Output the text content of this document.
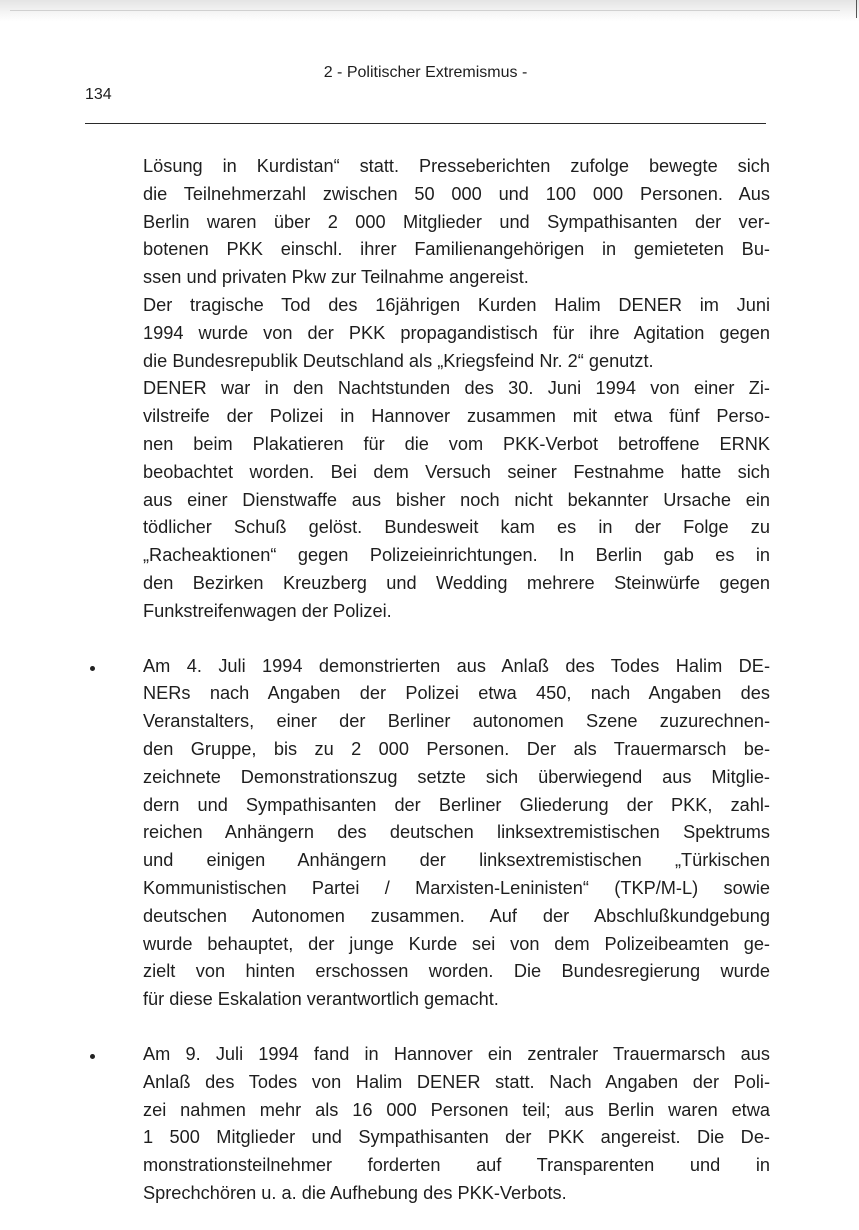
2 - Politischer Extremismus -
134
Lösung in Kurdistan“ statt. Presseberichten zufolge bewegte sich
die Teilnehmerzahl zwischen 50 000 und 100 000 Personen. Aus
Berlin waren über 2 000 Mitglieder und Sympathisanten der ver-
botenen PKK einschl. ihrer Familienangehörigen in gemieteten Bu-
ssen und privaten Pkw zur Teilnahme angereist.
Der tragische Tod des 16jährigen Kurden Halim DENER im Juni
1994 wurde von der PKK propagandistisch für ihre Agitation gegen
die Bundesrepublik Deutschland als „Kriegsfeind Nr. 2“ genutzt.
DENER war in den Nachtstunden des 30. Juni 1994 von einer Zi-
vilstreife der Polizei in Hannover zusammen mit etwa fünf Perso-
nen beim Plakatieren für die vom PKK-Verbot betroffene ERNK
beobachtet worden. Bei dem Versuch seiner Festnahme hatte sich
aus einer Dienstwaffe aus bisher noch nicht bekannter Ursache ein
tödlicher Schuß gelöst. Bundesweit kam es in der Folge zu
„Racheaktionen“ gegen Polizeieinrichtungen. In Berlin gab es in
den Bezirken Kreuzberg und Wedding mehrere Steinwürfe gegen
Funkstreifenwagen der Polizei.
Am 4. Juli 1994 demonstrierten aus Anlaß des Todes Halim DE-
NERs nach Angaben der Polizei etwa 450, nach Angaben des
Veranstalters, einer der Berliner autonomen Szene zuzurechnen-
den Gruppe, bis zu 2 000 Personen. Der als Trauermarsch be-
zeichnete Demonstrationszug setzte sich überwiegend aus Mitglie-
dern und Sympathisanten der Berliner Gliederung der PKK, zahl-
reichen Anhängern des deutschen linksextremistischen Spektrums
und einigen Anhängern der linksextremistischen „Türkischen
Kommunistischen Partei / Marxisten-Leninisten“ (TKP/M-L) sowie
deutschen Autonomen zusammen. Auf der Abschlußkundgebung
wurde behauptet, der junge Kurde sei von dem Polizeibeamten ge-
zielt von hinten erschossen worden. Die Bundesregierung wurde
für diese Eskalation verantwortlich gemacht.
Am 9. Juli 1994 fand in Hannover ein zentraler Trauermarsch aus
Anlaß des Todes von Halim DENER statt. Nach Angaben der Poli-
zei nahmen mehr als 16 000 Personen teil; aus Berlin waren etwa
1 500 Mitglieder und Sympathisanten der PKK angereist. Die De-
monstrationsteilnehmer forderten auf Transparenten und in
Sprechchören u. a. die Aufhebung des PKK-Verbots.
